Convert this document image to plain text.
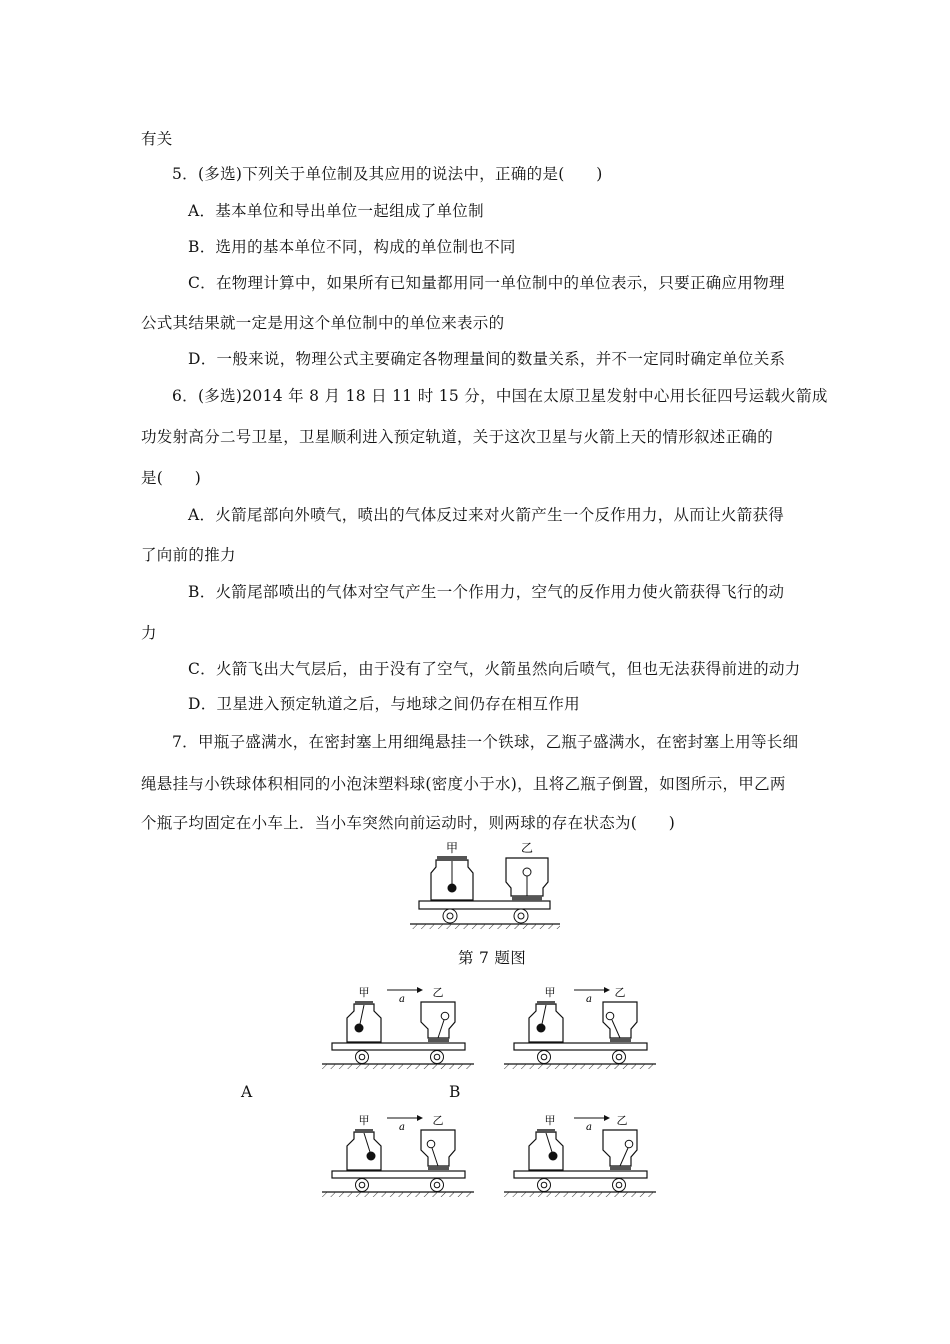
有关
5．(多选)下列关于单位制及其应用的说法中，正确的是(　　)
A．基本单位和导出单位一起组成了单位制
B．选用的基本单位不同，构成的单位制也不同
C．在物理计算中，如果所有已知量都用同一单位制中的单位表示，只要正确应用物理
公式其结果就一定是用这个单位制中的单位来表示的
D．一般来说，物理公式主要确定各物理量间的数量关系，并不一定同时确定单位关系
6．(多选)2014 年 8 月 18 日 11 时 15 分，中国在太原卫星发射中心用长征四号运载火箭成
功发射高分二号卫星，卫星顺利进入预定轨道，关于这次卫星与火箭上天的情形叙述正确的
是(　　)
A．火箭尾部向外喷气，喷出的气体反过来对火箭产生一个反作用力，从而让火箭获得
了向前的推力
B．火箭尾部喷出的气体对空气产生一个作用力，空气的反作用力使火箭获得飞行的动
力
C．火箭飞出大气层后，由于没有了空气，火箭虽然向后喷气，但也无法获得前进的动力
D．卫星进入预定轨道之后，与地球之间仍存在相互作用
7．甲瓶子盛满水，在密封塞上用细绳悬挂一个铁球，乙瓶子盛满水，在密封塞上用等长细
绳悬挂与小铁球体积相同的小泡沫塑料球(密度小于水)，且将乙瓶子倒置，如图所示，甲乙两
个瓶子均固定在小车上．当小车突然向前运动时，则两球的存在状态为(　　)
甲	乙
第 7 题图
甲	乙
a
甲	乙
a
A	B
甲	乙
a
甲	乙
a
